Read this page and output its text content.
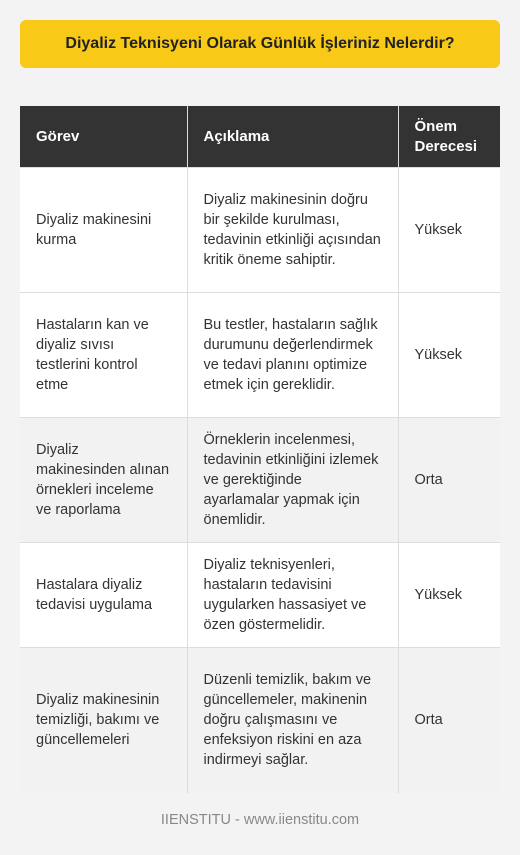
Diyaliz Teknisyeni Olarak Günlük İşleriniz Nelerdir?
Görev	Açıklama	Önem Derecesi
Diyaliz makinesini kurma	Diyaliz makinesinin doğru bir şekilde kurulması, tedavinin etkinliği açısından kritik öneme sahiptir.	Yüksek
Hastaların kan ve diyaliz sıvısı testlerini kontrol etme	Bu testler, hastaların sağlık durumunu değerlendirmek ve tedavi planını optimize etmek için gereklidir.	Yüksek
Diyaliz makinesinden alınan örnekleri inceleme ve raporlama	Örneklerin incelenmesi, tedavinin etkinliğini izlemek ve gerektiğinde ayarlamalar yapmak için önemlidir.	Orta
Hastalara diyaliz tedavisi uygulama	Diyaliz teknisyenleri, hastaların tedavisini uygularken hassasiyet ve özen göstermelidir.	Yüksek
Diyaliz makinesinin temizliği, bakımı ve güncellemeleri	Düzenli temizlik, bakım ve güncellemeler, makinenin doğru çalışmasını ve enfeksiyon riskini en aza indirmeyi sağlar.	Orta
IIENSTITU - www.iienstitu.com
